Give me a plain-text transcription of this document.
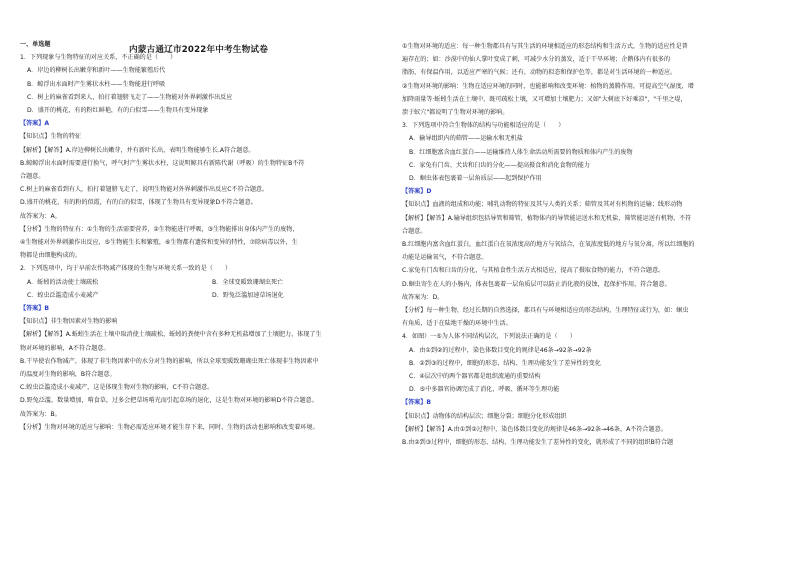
内蒙古通辽市2022年中考生物试卷
一、单选题
1．下列现象与生物特征的对应关系，不正确的是（　　）
A．岸边的柳树长出嫩芽和新叶——生物能繁殖后代
B．鲸浮出水面时产生雾状水柱——生物能进行呼吸
C．树上的麻雀看到来人，拍打着翅膀飞走了——生物能对外界刺激作出反应
D．盛开的桃花，有的粉红鲜艳，有的白似雪——生物具有变异现象
【答案】A
【知识点】生物的特征
【解析】【解答】A.岸边柳树长出嫩芽，并有新叶长出，表明生物能够生长.A符合题意。
B.鲸鲸浮出水面时需要进行换气，呼气时产生雾状水柱，这说明鲸具有新陈代谢（呼吸）的生物特征B不符
合题意。
C.树上的麻雀看到有人，拍打着翅膀飞走了，说明生物能对外界刺激作出反应C不符合题意。
D.盛开的桃花，有的粉的似霞，有的白的似雪，体现了生物具有变异现象D不符合题意。
故答案为：A。
【分析】生物的特征有：①生物的生活需要营养，②生物能进行呼吸，③生物能排出身体内产生的废物，
④生物能对外界刺激作出反应，⑤生物能生长和繁殖，⑥生物都有遗传和变异的特性，⑦除病毒以外，生
物都是由细胞构成的。
2．下列选项中，均于早前农作物减产体现的生物与环境关系一致的是（　　）
A．蚯蚓的活动使土壤疏松	B．全球变暖致珊瑚虫死亡
C．蝗虫泛滥造成小麦减产	D．野兔泛滥加速草场退化
【答案】B
【知识点】非生物因素对生物的影响
【解析】【解答】A.蚯蚓生活在土壤中取消使土壤疏松，蚯蚓的粪便中含有多种无机盐增加了土壤肥力，体现了生
物对环境的影响，A不符合题意。
B.干旱使农作物减产，体现了非生物因素中的水分对生物的影响，所以全球变暖致珊瑚虫死亡体现非生物因素中
的温度对生物的影响，B符合题意。
C.蝗虫泛滥造成小麦减产，这是体现生物对生物的影响，C不符合题意。
D.野兔泛滥，数量增加，啃食草，过多会把草场啃光而引起草场的退化，这是生物对环境的影响D不符合题意。
故答案为：B。
【分析】生物对环境的适应与影响：生物必需适应环境才能生存下来，同时，生物的活动也影响和改变着环境。
①生物对环境的适应：每一种生物都具有与其生活的环境相适应的形态结构和生活方式，生物的适应性是普
遍存在的；如：沙漠中的仙人掌叶变成了刺，可减少水分的蒸发，适于干旱环境；企鹅体内有很多的
脂肪，有保温作用，以适应严寒的气候；还有，动物的拟态和保护色等，都是对生活环境的一种适应。
②生物对环境的影响：生物在适应环境的同时，也能影响和改变环境：植物的蒸腾作用，可提高空气湿度，增
加降雨量等·蚯蚓生活在土壤中，既可疏松土壤，又可增加土壤肥力；又如"大树底下好乘凉"，"千里之堤，
溃于蚁穴"都说明了生物对环境的影响。
3．下列选项中符合生物体的结构与功能相适应的是（　　）
A．输导组织内的筛管——运输水和无机盐
B．红细胞富含血红蛋白——运输维持人体生命活动所需要的物质和体内产生的废物
C．家兔有门齿、犬齿和臼齿的分化——提高摄食和消化食物的能力
D．蛔虫体表包裹着一层角质层——起到保护作用
【答案】D
【知识点】血液的组成和功能；哺乳动物的特征及其与人类的关系；筛管及其对有机物的运输；线形动物
【解析】【解答】A.输导组织包括导管和筛管，植物体内的导管能运送水和无机盐，筛管能运送有机物，不符
合题意。
B.红细胞内富含血红蛋白，血红蛋白在氧浓度高的地方与氧结合，在氧浓度低的地方与氧分离，所以红细胞的
功能是运输氧气，不符合题意。
C.家兔有门齿和臼齿的分化，与其植食性生活方式相适应，提高了摄取食物的能力，不符合题意。
D.蛔虫寄生在人的小肠内，体表包裹着一层角质层可以防止消化液的侵蚀，起保护作用，符合题意。
故答案为：D。
【分析】每一种生物，经过长期的自然选择，都具有与环境相适应的形态结构，生理特征或行为，如：蛔虫
有角质，适于在陆地干燥的环境中生活。
4．如图）一⑤为人体不同结构层次，下列说法正确的是（　　）
A．由①到②的过程中，染色体数目变化的规律是46条→92条→92条
B．②到③的过程中，细胞的形态、结构、生理功能发生了差异性的变化
C．④层次中的两个器官都是组织流通的重要结构
D．⑤中多器官协调完成了消化、呼吸、循环等生理功能
【答案】B
【知识点】动物体的结构层次；细胞分裂；细胞分化形成组织
【解析】【解答】A.由①到②过程中，染色体数目变化的规律是46条→92条→46条，A不符合题意。
B.由②到③过程中，细胞的形态、结构、生理功能发生了差异性的变化，就形成了不同的组织B符合题
